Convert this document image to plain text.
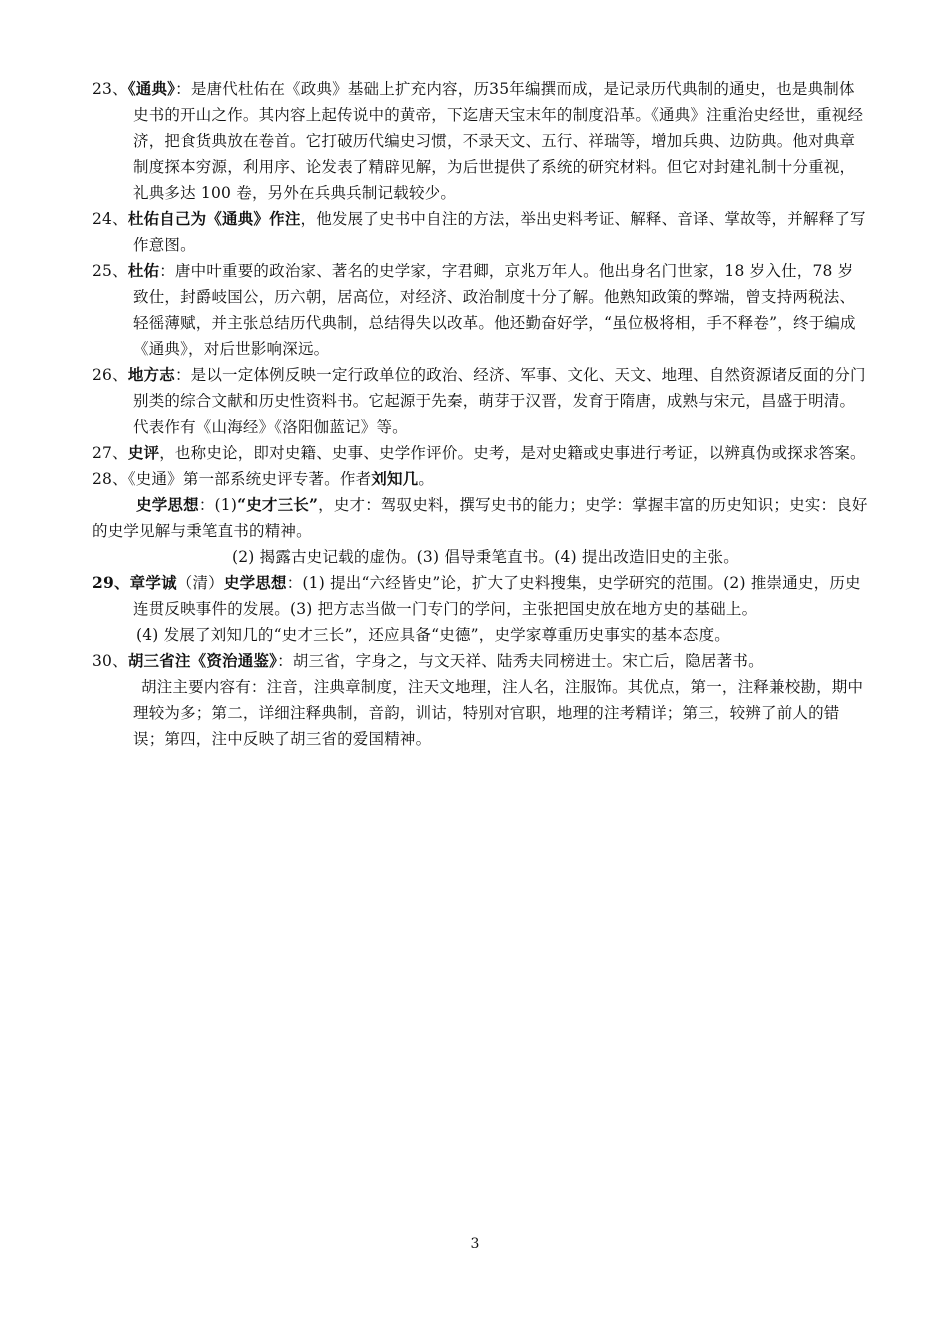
23、《通典》：是唐代杜佑在《政典》基础上扩充内容，历35年编撰而成，是记录历代典制的通史，也是典制体史书的开山之作。其内容上起传说中的黄帝，下迄唐天宝末年的制度沿革。《通典》注重治史经世，重视经济，把食货典放在卷首。它打破历代编史习惯，不录天文、五行、祥瑞等，增加兵典、边防典。他对典章制度探本穷源，利用序、论发表了精辟见解，为后世提供了系统的研究材料。但它对封建礼制十分重视，礼典多达 100 卷，另外在兵典兵制记载较少。

24、杜佑自己为《通典》作注，他发展了史书中自注的方法，举出史料考证、解释、音译、掌故等，并解释了写作意图。

25、杜佑：唐中叶重要的政治家、著名的史学家，字君卿，京兆万年人。他出身名门世家，18 岁入仕，78 岁致仕，封爵岐国公，历六朝，居高位，对经济、政治制度十分了解。他熟知政策的弊端，曾支持两税法、轻徭薄赋，并主张总结历代典制，总结得失以改革。他还勤奋好学，“虽位极将相，手不释卷”，终于编成《通典》，对后世影响深远。

26、地方志：是以一定体例反映一定行政单位的政治、经济、军事、文化、天文、地理、自然资源诸反面的分门别类的综合文献和历史性资料书。它起源于先秦，萌芽于汉晋，发育于隋唐，成熟与宋元，昌盛于明清。代表作有《山海经》《洛阳伽蓝记》等。

27、史评，也称史论，即对史籍、史事、史学作评价。史考，是对史籍或史事进行考证，以辨真伪或探求答案。

28、《史通》第一部系统史评专著。作者刘知几。

史学思想：(1)“史才三长”，史才：驾驭史料，撰写史书的能力；史学：掌握丰富的历史知识；史实：良好的史学见解与秉笔直书的精神。

(2) 揭露古史记载的虚伪。(3) 倡导秉笔直书。(4) 提出改造旧史的主张。

29、章学诚（清）史学思想：(1) 提出“六经皆史”论，扩大了史料搜集，史学研究的范围。(2) 推崇通史，历史连贯反映事件的发展。(3) 把方志当做一门专门的学问，主张把国史放在地方史的基础上。

(4) 发展了刘知几的“史才三长”，还应具备“史德”，史学家尊重历史事实的基本态度。

30、胡三省注《资治通鉴》：胡三省，字身之，与文天祥、陆秀夫同榜进士。宋亡后，隐居著书。

胡注主要内容有：注音，注典章制度，注天文地理，注人名，注服饰。其优点，第一，注释兼校勘，期中理较为多；第二，详细注释典制，音韵，训诂，特别对官职，地理的注考精详；第三，较辨了前人的错误；第四，注中反映了胡三省的爱国精神。

3
